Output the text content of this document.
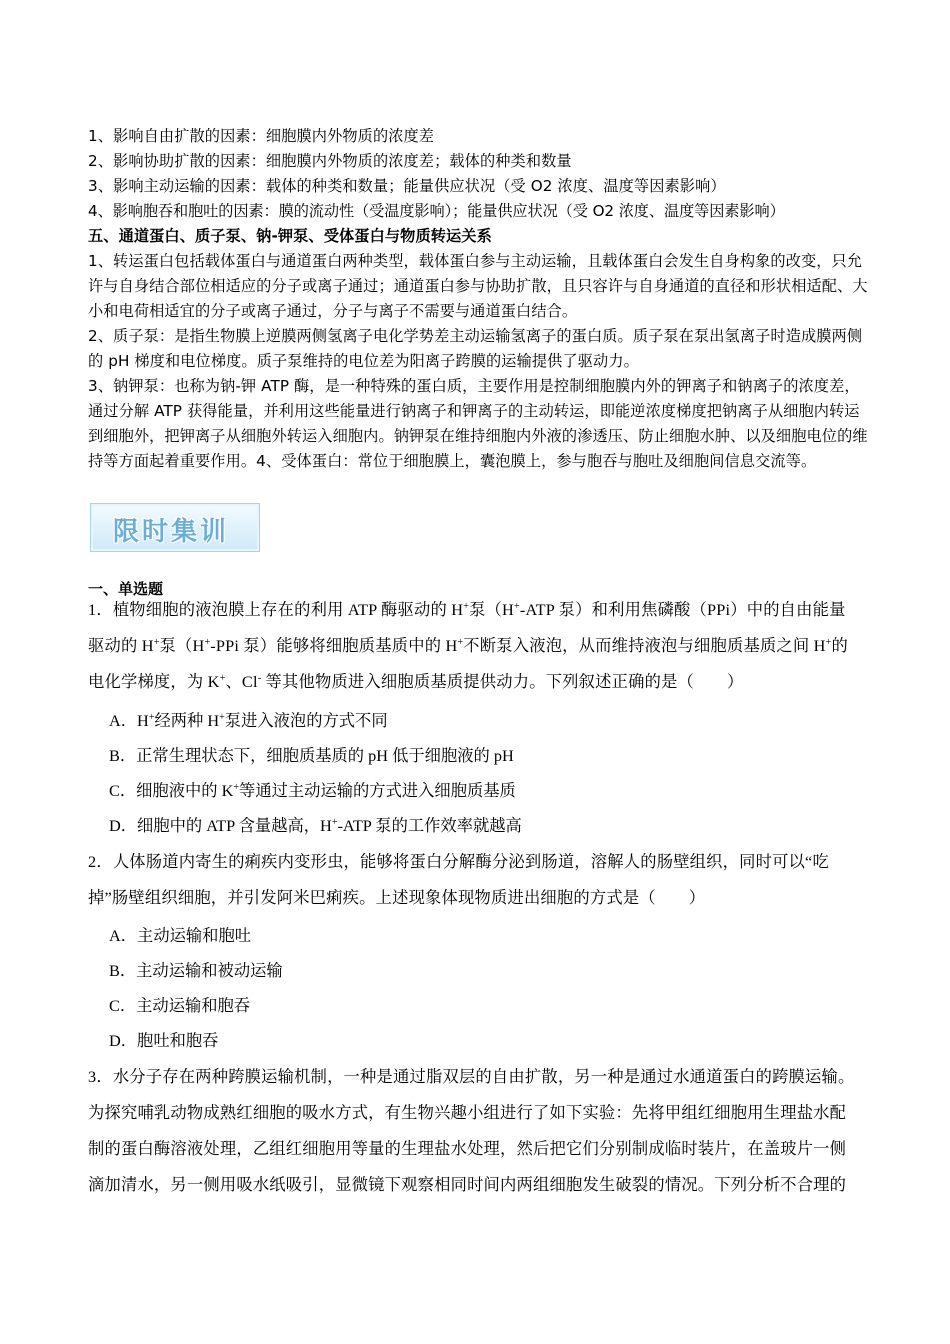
1、影响自由扩散的因素：细胞膜内外物质的浓度差

2、影响协助扩散的因素：细胞膜内外物质的浓度差；载体的种类和数量

3、影响主动运输的因素：载体的种类和数量；能量供应状况（受 O2 浓度、温度等因素影响）

4、影响胞吞和胞吐的因素：膜的流动性（受温度影响）；能量供应状况（受 O2 浓度、温度等因素影响）

五、通道蛋白、质子泵、钠-钾泵、受体蛋白与物质转运关系

1、转运蛋白包括载体蛋白与通道蛋白两种类型，载体蛋白参与主动运输，且载体蛋白会发生自身构象的改变，只允许与自身结合部位相适应的分子或离子通过；通道蛋白参与协助扩散，且只容许与自身通道的直径和形状相适配、大小和电荷相适宜的分子或离子通过，分子与离子不需要与通道蛋白结合。

2、质子泵：是指生物膜上逆膜两侧氢离子电化学势差主动运输氢离子的蛋白质。质子泵在泵出氢离子时造成膜两侧的 pH 梯度和电位梯度。质子泵维持的电位差为阳离子跨膜的运输提供了驱动力。

3、钠钾泵：也称为钠-钾 ATP 酶，是一种特殊的蛋白质，主要作用是控制细胞膜内外的钾离子和钠离子的浓度差，通过分解 ATP 获得能量，并利用这些能量进行钠离子和钾离子的主动转运，即能逆浓度梯度把钠离子从细胞内转运到细胞外，把钾离子从细胞外转运入细胞内。钠钾泵在维持细胞内外液的渗透压、防止细胞水肿、以及细胞电位的维持等方面起着重要作用。4、受体蛋白：常位于细胞膜上，囊泡膜上，参与胞吞与胞吐及细胞间信息交流等。

限时集训
一、单选题

1．植物细胞的液泡膜上存在的利用 ATP 酶驱动的 H+泵（H+-ATP 泵）和利用焦磷酸（PPi）中的自由能量

驱动的 H+泵（H+-PPi 泵）能够将细胞质基质中的 H+不断泵入液泡，从而维持液泡与细胞质基质之间 H+的

电化学梯度，为 K+、Cl- 等其他物质进入细胞质基质提供动力。下列叙述正确的是（　　）

A．H+经两种 H+泵进入液泡的方式不同
B．正常生理状态下，细胞质基质的 pH 低于细胞液的 pH
C．细胞液中的 K+等通过主动运输的方式进入细胞质基质
D．细胞中的 ATP 含量越高，H+-ATP 泵的工作效率就越高

2．人体肠道内寄生的痢疾内变形虫，能够将蛋白分解酶分泌到肠道，溶解人的肠壁组织，同时可以“吃

掉”肠壁组织细胞，并引发阿米巴痢疾。上述现象体现物质进出细胞的方式是（　　）

A．主动运输和胞吐
B．主动运输和被动运输
C．主动运输和胞吞
D．胞吐和胞吞

3．水分子存在两种跨膜运输机制，一种是通过脂双层的自由扩散，另一种是通过水通道蛋白的跨膜运输。

为探究哺乳动物成熟红细胞的吸水方式，有生物兴趣小组进行了如下实验：先将甲组红细胞用生理盐水配

制的蛋白酶溶液处理，乙组红细胞用等量的生理盐水处理，然后把它们分别制成临时装片，在盖玻片一侧

滴加清水，另一侧用吸水纸吸引，显微镜下观察相同时间内两组细胞发生破裂的情况。下列分析不合理的
